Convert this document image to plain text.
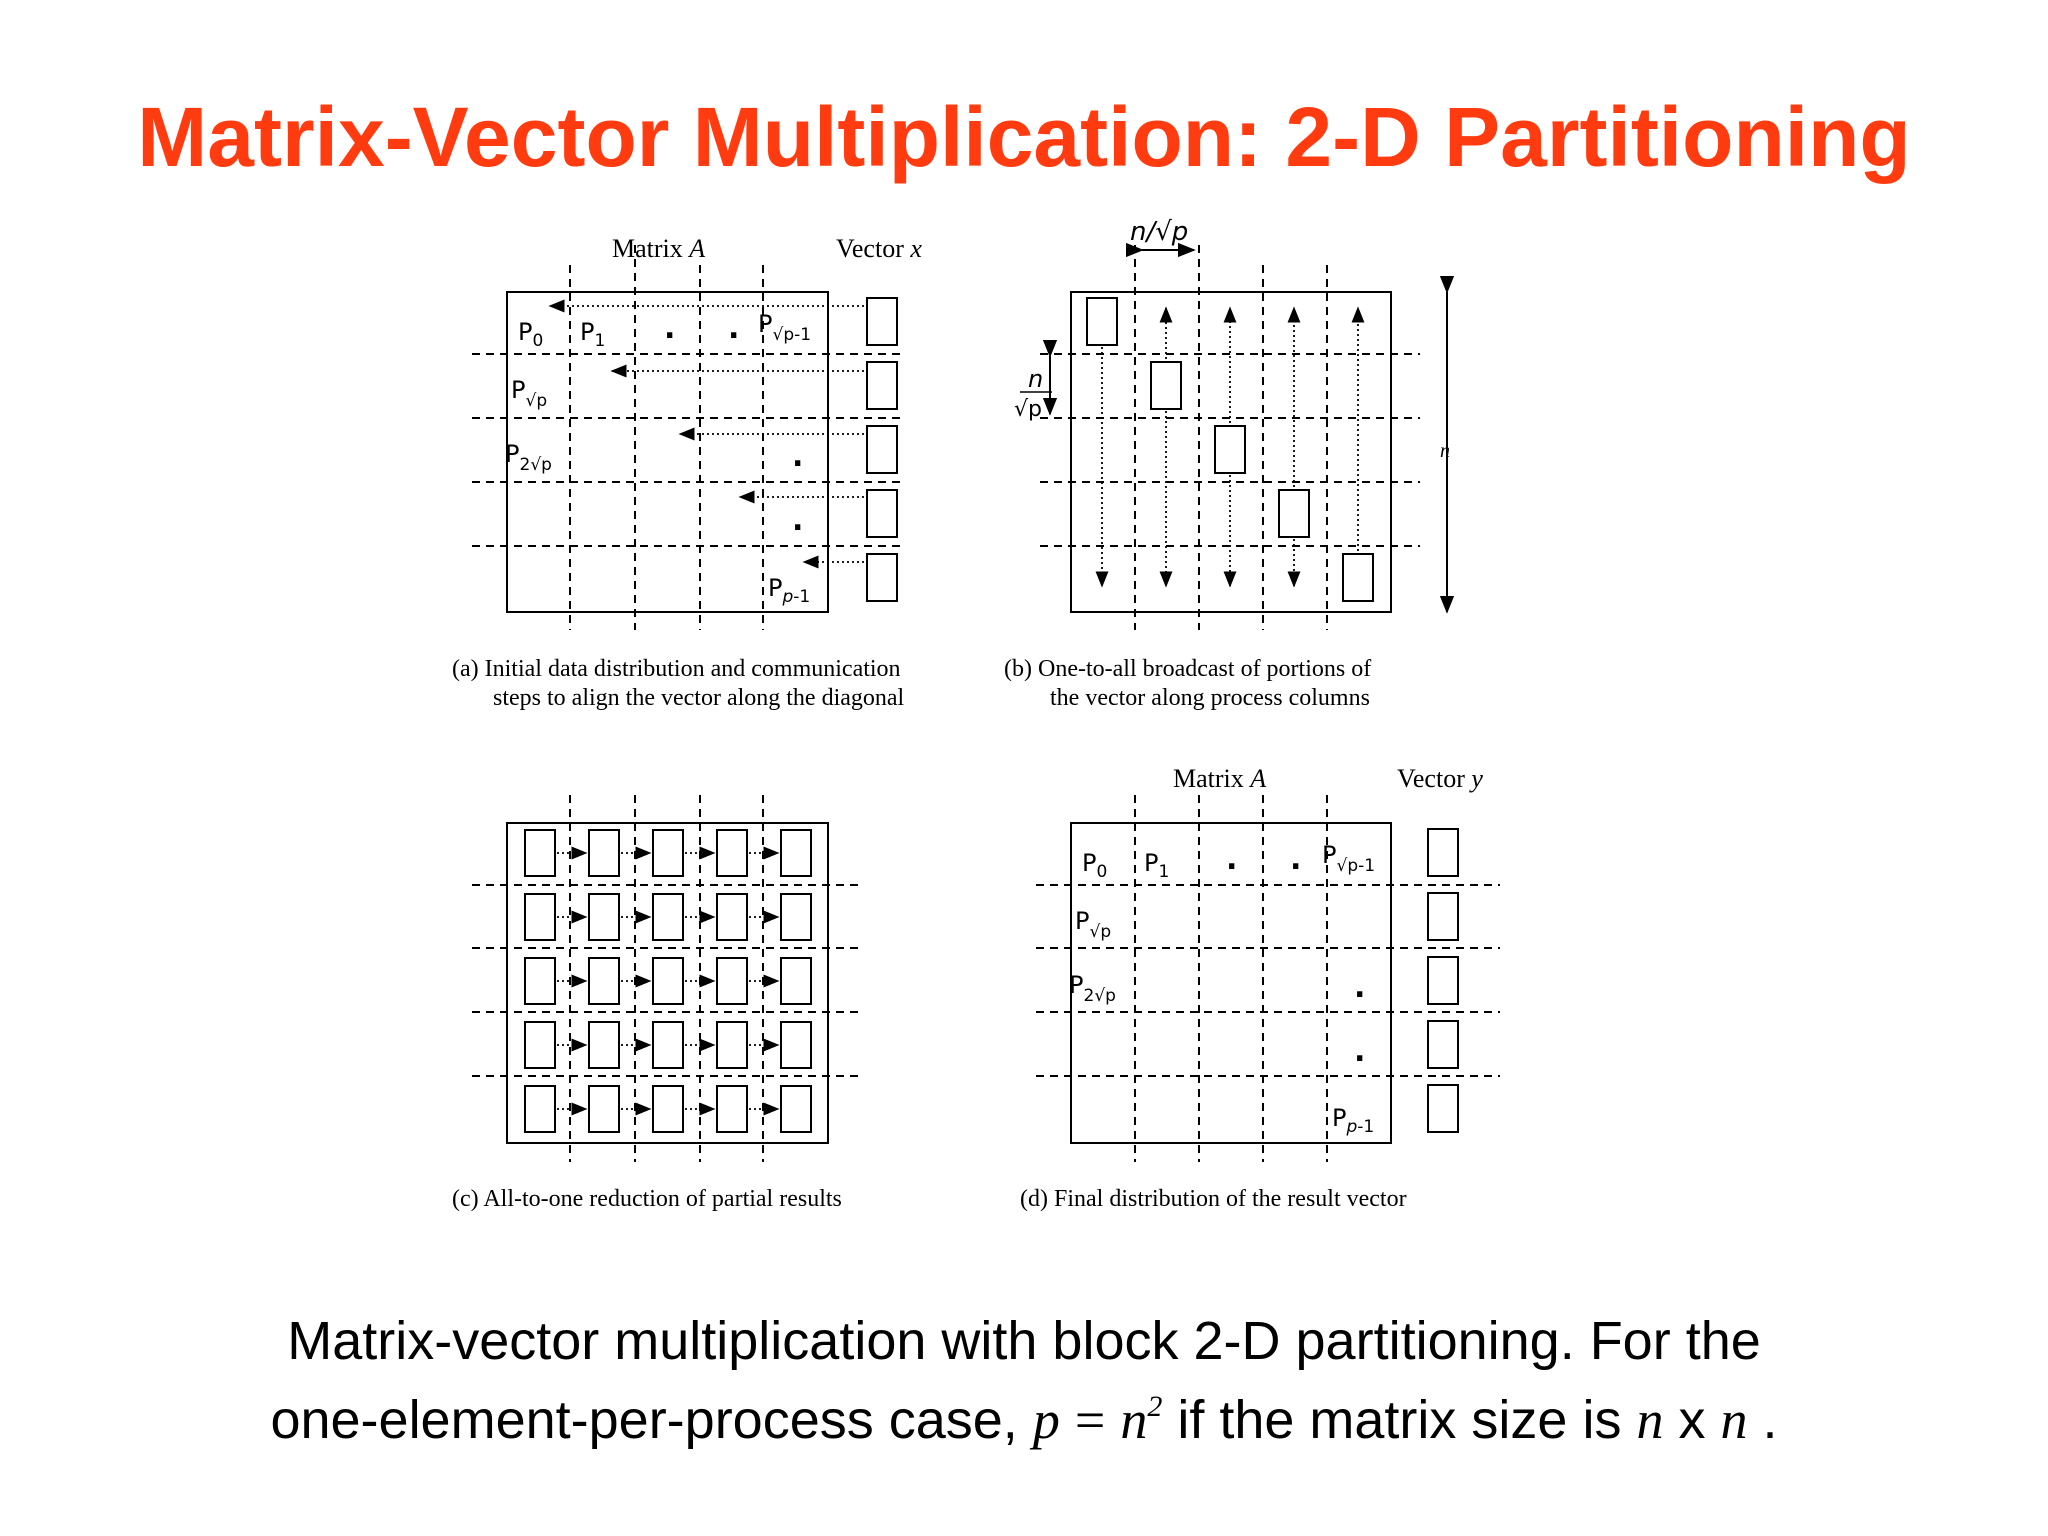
Matrix-Vector Multiplication: 2-D Partitioning
Matrix A	Vector x
$P_0$ $P_1$
$P_{√p}-1$
$P_{√p}$
$P_2√p$
$P_p-1$
. .
.
.
(a) Initial data distribution and communication
steps to align the vector along the diagonal
n/√p
n
√p
n
(b) One-to-all broadcast of portions of
the vector along process columns
(c) All-to-one reduction of partial results
Matrix A	Vector y
$P_0$ $P_1$
$P_{√p}-1$
$P_{√p}$
$P_2√p$
$P_p-1$
. .
.
.
(d) Final distribution of the result vector
Matrix-vector multiplication with block 2-D partitioning. For the
one-element-per-process case, $p = n^2$ if the matrix size is n x n .
